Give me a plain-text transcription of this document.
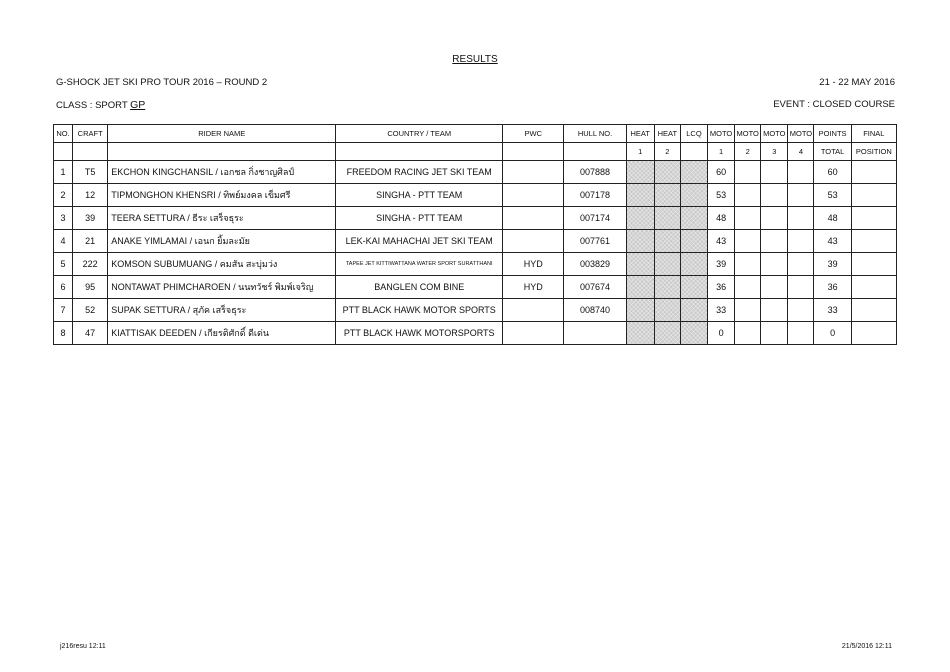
RESULTS
G-SHOCK JET SKI PRO TOUR 2016 – ROUND 2	21 - 22 MAY 2016
CLASS : SPORT GP	EVENT : CLOSED COURSE
NO.	CRAFT	RIDER NAME	COUNTRY / TEAM	PWC	HULL NO.	HEAT	HEAT	LCQ	MOTO	MOTO	MOTO	MOTO	POINTS	FINAL
						1	2		1	2	3	4	TOTAL	POSITION
1	T5	EKCHON KINGCHANSIL / เอกชล กิ่งชาญศิลป์	FREEDOM RACING JET SKI TEAM		007888				60				60	
2	12	TIPMONGHON KHENSRI / ทิพย์มงคล เข็มศรี	SINGHA - PTT TEAM		007178				53				53	
3	39	TEERA SETTURA / ธีระ เสร็จธุระ	SINGHA - PTT TEAM		007174				48				48	
4	21	ANAKE YIMLAMAI / เอนก ยิ้มละมัย	LEK-KAI MAHACHAI JET SKI TEAM		007761				43				43	
5	222	KOMSON SUBUMUANG / คมสัน สะบุ่มว่ง	TAPEE JET KITTIWATTANA WATER SPORT SURATTHANI	HYD	003829				39				39	
6	95	NONTAWAT PHIMCHAROEN / นนทวัชร์ พิมพ์เจริญ	BANGLEN COM BINE	HYD	007674				36				36	
7	52	SUPAK SETTURA / สุภัค เสร็จธุระ	PTT BLACK HAWK MOTOR SPORTS		008740				33				33	
8	47	KIATTISAK DEEDEN / เกียรติศักดิ์ ดีเด่น	PTT BLACK HAWK MOTORSPORTS						0				0	
j216resu 12:11	21/5/2016 12:11
